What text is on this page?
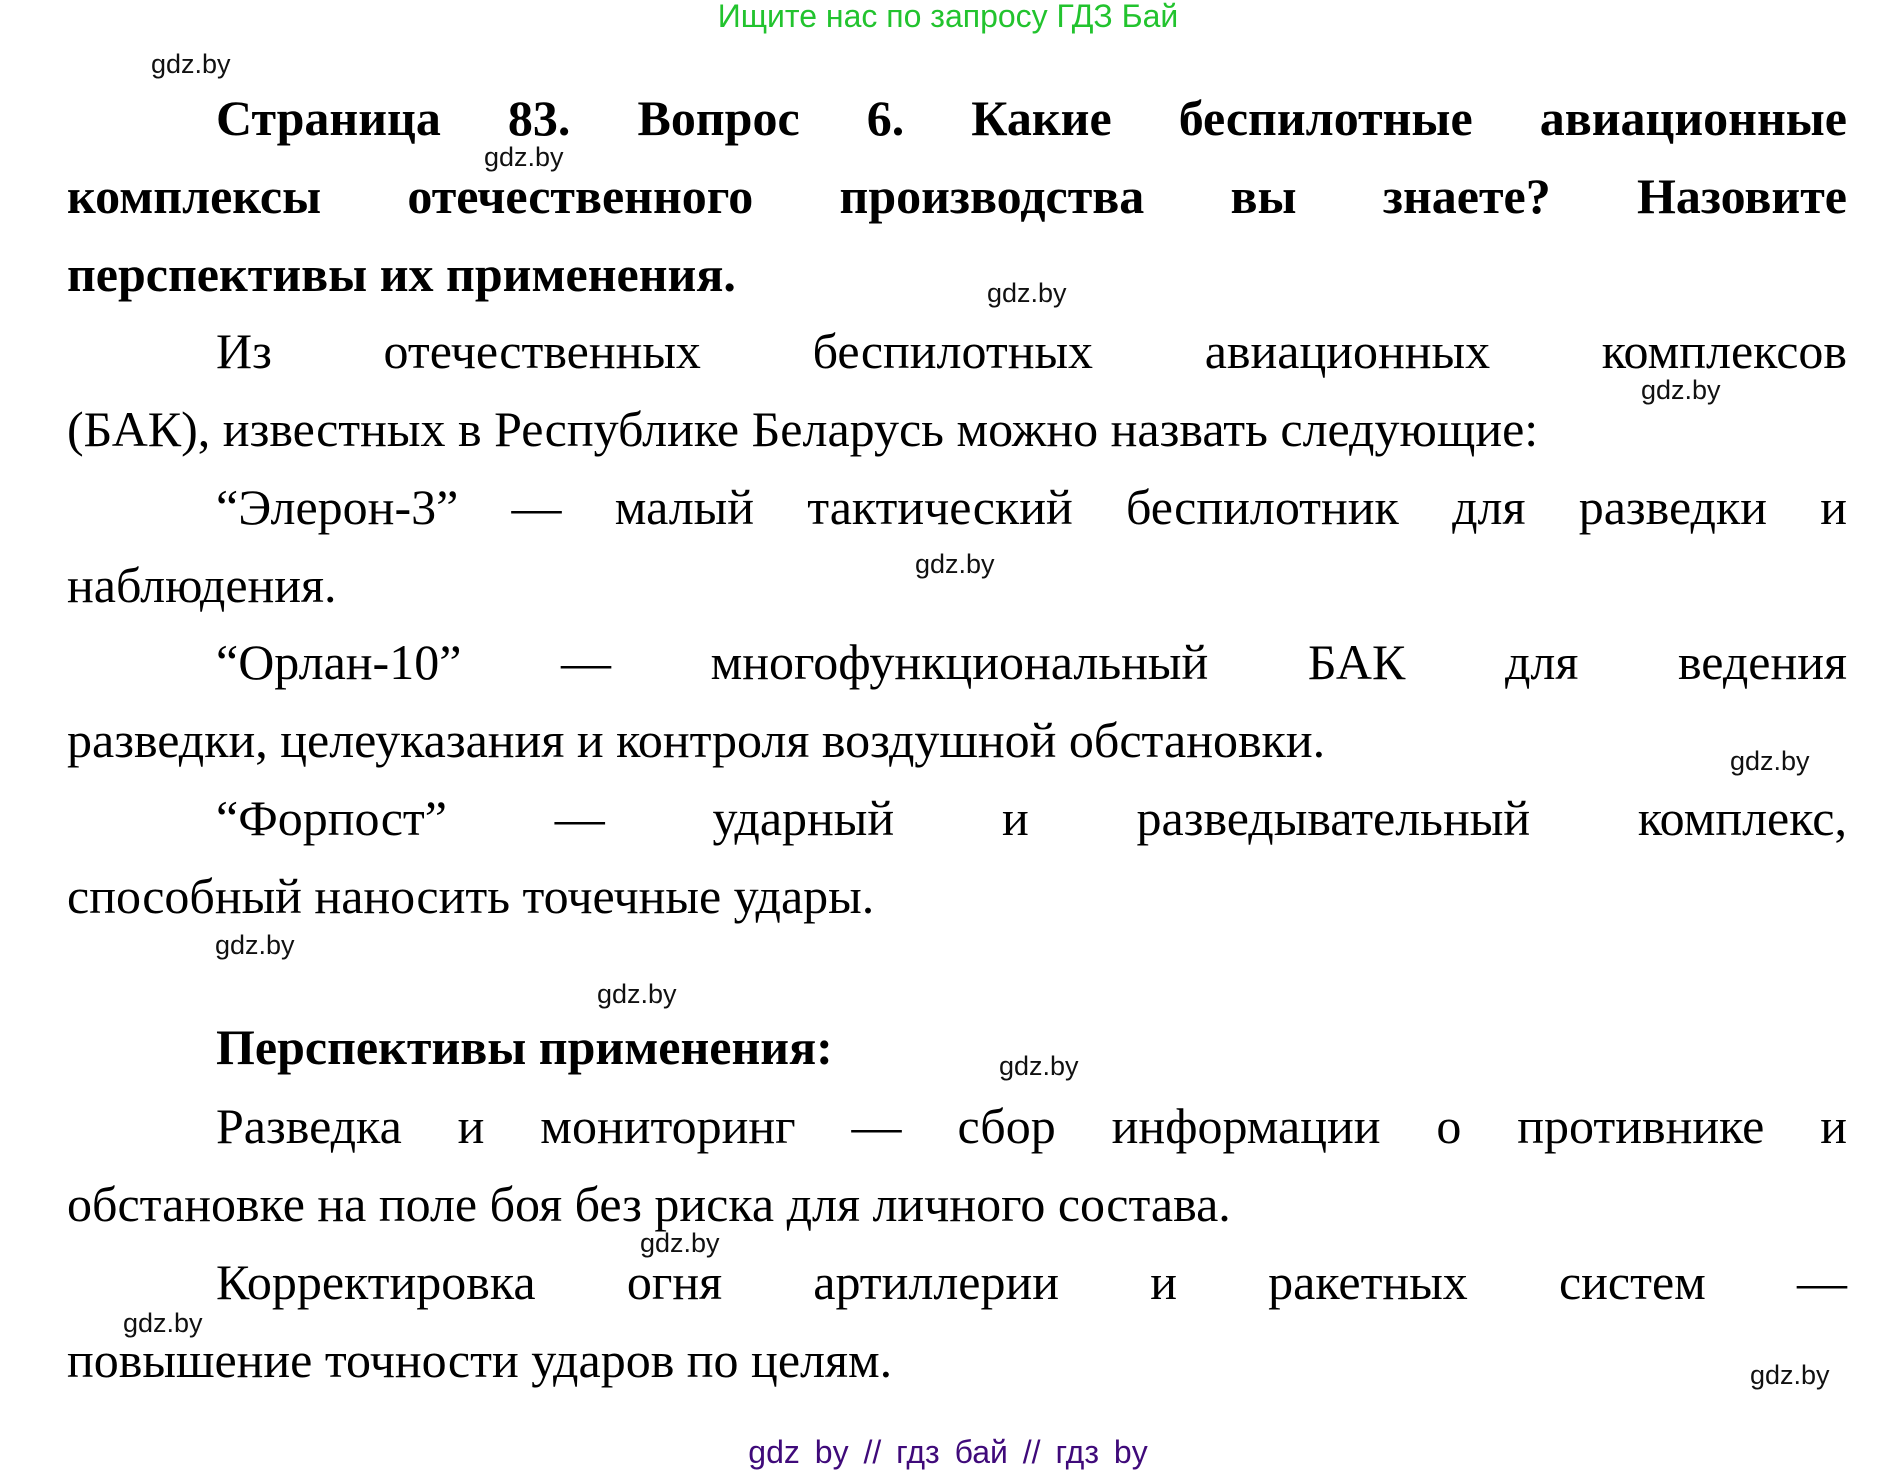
Ищите нас по запросу ГДЗ Бай
Страница 83. Вопрос 6. Какие беспилотные авиационные
комплексы отечественного производства вы знаете? Назовите
перспективы их применения.
Из отечественных беспилотных авиационных комплексов
(БАК), известных в Республике Беларусь можно назвать следующие:
“Элерон-3” — малый тактический беспилотник для разведки и
наблюдения.
“Орлан-10” — многофункциональный БАК для ведения
разведки, целеуказания и контроля воздушной обстановки.
“Форпост” — ударный и разведывательный комплекс,
способный наносить точечные удары.
Перспективы применения:
Разведка и мониторинг — сбор информации о противнике и
обстановке на поле боя без риска для личного состава.
Корректировка огня артиллерии и ракетных систем —
повышение точности ударов по целям.
gdz.by
gdz.by
gdz.by
gdz.by
gdz.by
gdz.by
gdz.by
gdz.by
gdz.by
gdz.by
gdz.by
gdz.by
gdz by // гдз бай // гдз by
